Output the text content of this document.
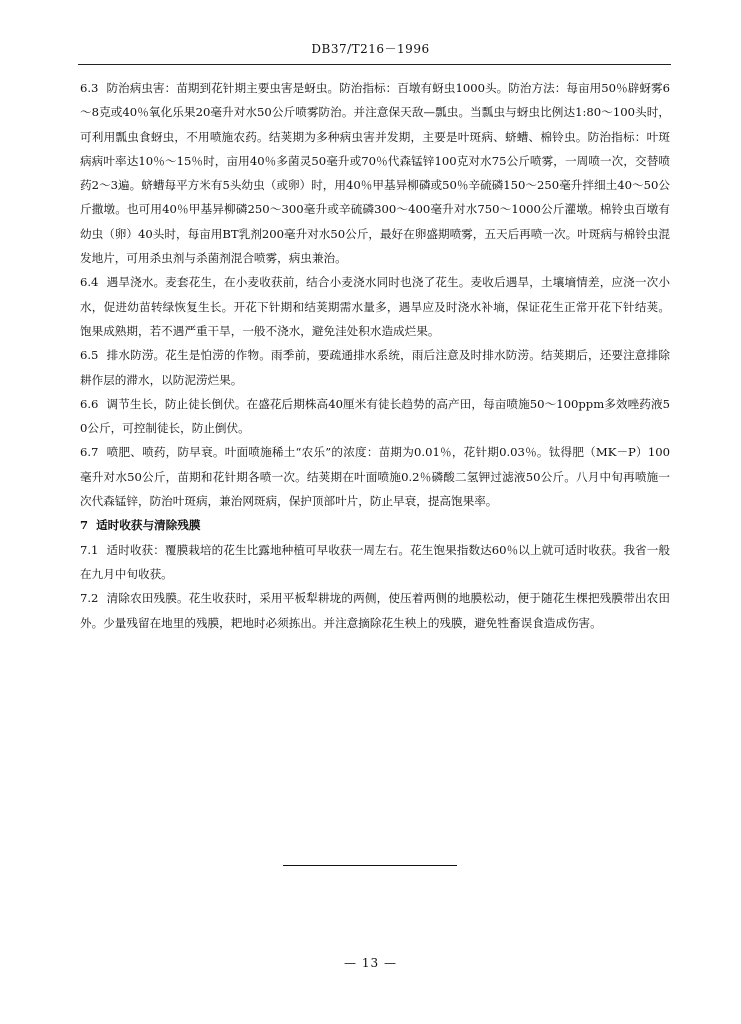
DB37/T216－1996

6.3 防治病虫害：苗期到花针期主要虫害是蚜虫。防治指标：百墩有蚜虫1000头。防治方法：每亩用50％辟蚜雾6～8克或40％氧化乐果20毫升对水50公斤喷雾防治。并注意保天敌—瓢虫。当瓢虫与蚜虫比例达1:80～100头时，可利用瓢虫食蚜虫，不用喷施农药。结荚期为多种病虫害并发期，主要是叶斑病、蛴螬、棉铃虫。防治指标：叶斑病病叶率达10％～15％时，亩用40％多菌灵50毫升或70％代森锰锌100克对水75公斤喷雾，一周喷一次，交替喷药2～3遍。蛴螬每平方米有5头幼虫（或卵）时，用40％甲基异柳磷或50％辛硫磷150～250毫升拌细土40～50公斤撒墩。也可用40％甲基异柳磷250～300毫升或辛硫磷300～400毫升对水750～1000公斤灌墩。棉铃虫百墩有幼虫（卵）40头时，每亩用BT乳剂200毫升对水50公斤，最好在卵盛期喷雾，五天后再喷一次。叶斑病与棉铃虫混发地片，可用杀虫剂与杀菌剂混合喷雾，病虫兼治。

6.4 遇旱浇水。麦套花生，在小麦收获前，结合小麦浇水同时也浇了花生。麦收后遇旱，土壤墒情差，应浇一次小水，促进幼苗转绿恢复生长。开花下针期和结荚期需水量多，遇旱应及时浇水补墒，保证花生正常开花下针结荚。饱果成熟期，若不遇严重干旱，一般不浇水，避免洼处积水造成烂果。

6.5 排水防涝。花生是怕涝的作物。雨季前，要疏通排水系统，雨后注意及时排水防涝。结荚期后，还要注意排除耕作层的滞水，以防泥涝烂果。

6.6 调节生长，防止徒长倒伏。在盛花后期株高40厘米有徒长趋势的高产田，每亩喷施50～100ppm多效唑药液50公斤，可控制徒长，防止倒伏。

6.7 喷肥、喷药，防早衰。叶面喷施稀土“农乐”的浓度：苗期为0.01％，花针期0.03％。钛得肥（MK－P）100毫升对水50公斤，苗期和花针期各喷一次。结荚期在叶面喷施0.2％磷酸二氢钾过滤液50公斤。八月中旬再喷施一次代森锰锌，防治叶斑病，兼治网斑病，保护顶部叶片，防止早衰，提高饱果率。

7 适时收获与清除残膜

7.1 适时收获：覆膜栽培的花生比露地种植可早收获一周左右。花生饱果指数达60％以上就可适时收获。我省一般在九月中旬收获。

7.2 清除农田残膜。花生收获时，采用平板犁耕垅的两侧，使压着两侧的地膜松动，便于随花生棵把残膜带出农田外。少量残留在地里的残膜，耙地时必须拣出。并注意摘除花生秧上的残膜，避免牲畜误食造成伤害。

— 13 —
